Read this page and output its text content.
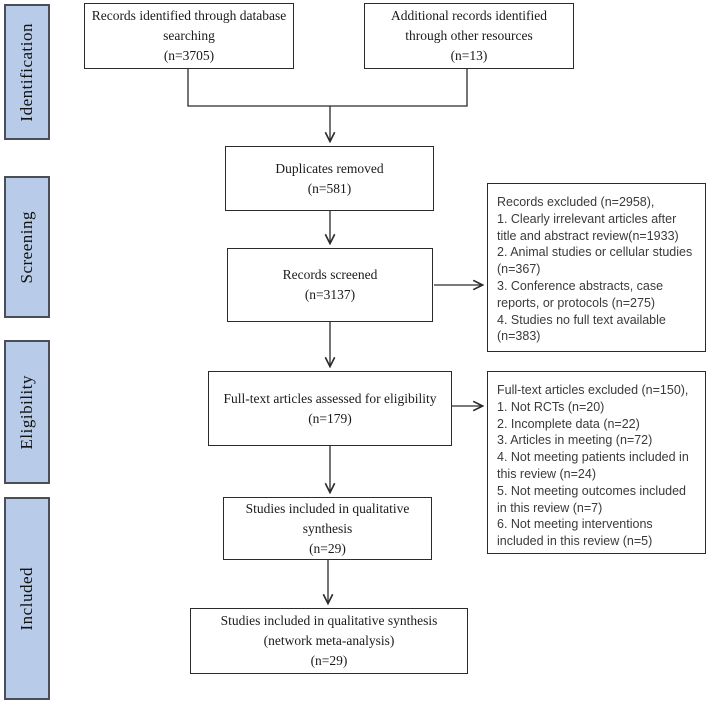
Identification
Screening
Eligibility
Included
Records identified through database searching
(n=3705)
Additional records identified through other resources
(n=13)
Duplicates removed
(n=581)
Records screened
(n=3137)
Full-text articles assessed for eligibility
(n=179)
Studies included in qualitative synthesis
(n=29)
Studies included in qualitative synthesis
(network meta-analysis)
(n=29)
Records excluded (n=2958),
1. Clearly irrelevant articles after title and abstract review(n=1933)
2. Animal studies or cellular studies (n=367)
3. Conference abstracts, case reports, or protocols (n=275)
4. Studies no full text available (n=383)
Full-text articles excluded (n=150),
1. Not RCTs (n=20)
2. Incomplete data (n=22)
3. Articles in meeting (n=72)
4. Not meeting patients included in this review (n=24)
5. Not meeting outcomes included in this review (n=7)
6. Not meeting interventions included in this review (n=5)
